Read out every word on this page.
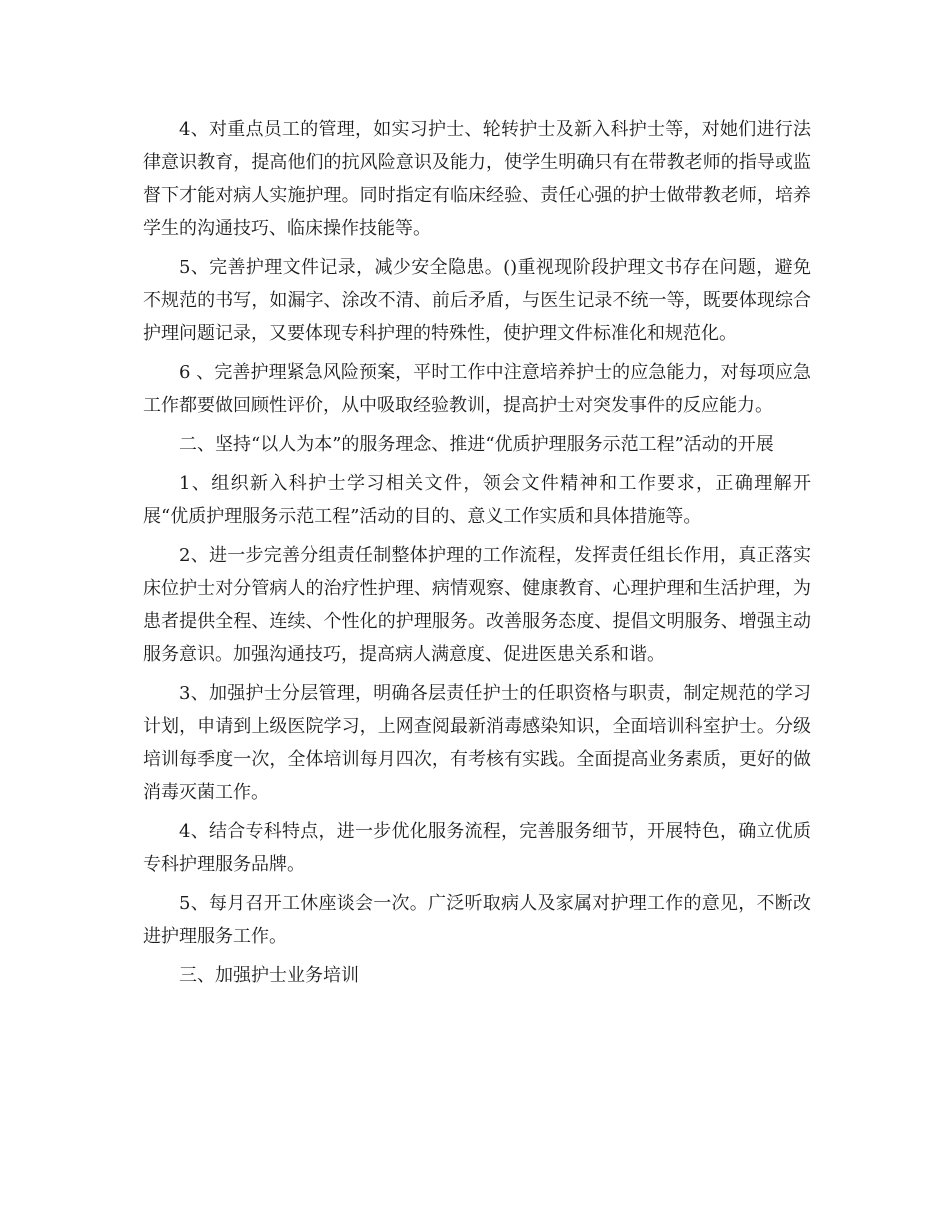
4、对重点员工的管理，如实习护士、轮转护士及新入科护士等，对她们进行法律意识教育，提高他们的抗风险意识及能力，使学生明确只有在带教老师的指导或监督下才能对病人实施护理。同时指定有临床经验、责任心强的护士做带教老师，培养学生的沟通技巧、临床操作技能等。

5、完善护理文件记录，减少安全隐患。()重视现阶段护理文书存在问题，避免不规范的书写，如漏字、涂改不清、前后矛盾，与医生记录不统一等，既要体现综合护理问题记录，又要体现专科护理的特殊性，使护理文件标准化和规范化。

6 、完善护理紧急风险预案，平时工作中注意培养护士的应急能力，对每项应急工作都要做回顾性评价，从中吸取经验教训，提高护士对突发事件的反应能力。

二、坚持“以人为本”的服务理念、推进“优质护理服务示范工程”活动的开展

1、组织新入科护士学习相关文件，领会文件精神和工作要求，正确理解开展“优质护理服务示范工程”活动的目的、意义工作实质和具体措施等。

2、进一步完善分组责任制整体护理的工作流程，发挥责任组长作用，真正落实床位护士对分管病人的治疗性护理、病情观察、健康教育、心理护理和生活护理，为患者提供全程、连续、个性化的护理服务。改善服务态度、提倡文明服务、增强主动服务意识。加强沟通技巧，提高病人满意度、促进医患关系和谐。

3、加强护士分层管理，明确各层责任护士的任职资格与职责，制定规范的学习计划，申请到上级医院学习，上网查阅最新消毒感染知识，全面培训科室护士。分级培训每季度一次，全体培训每月四次，有考核有实践。全面提高业务素质，更好的做消毒灭菌工作。

4、结合专科特点，进一步优化服务流程，完善服务细节，开展特色，确立优质专科护理服务品牌。

5、每月召开工休座谈会一次。广泛听取病人及家属对护理工作的意见，不断改进护理服务工作。

三、加强护士业务培训
